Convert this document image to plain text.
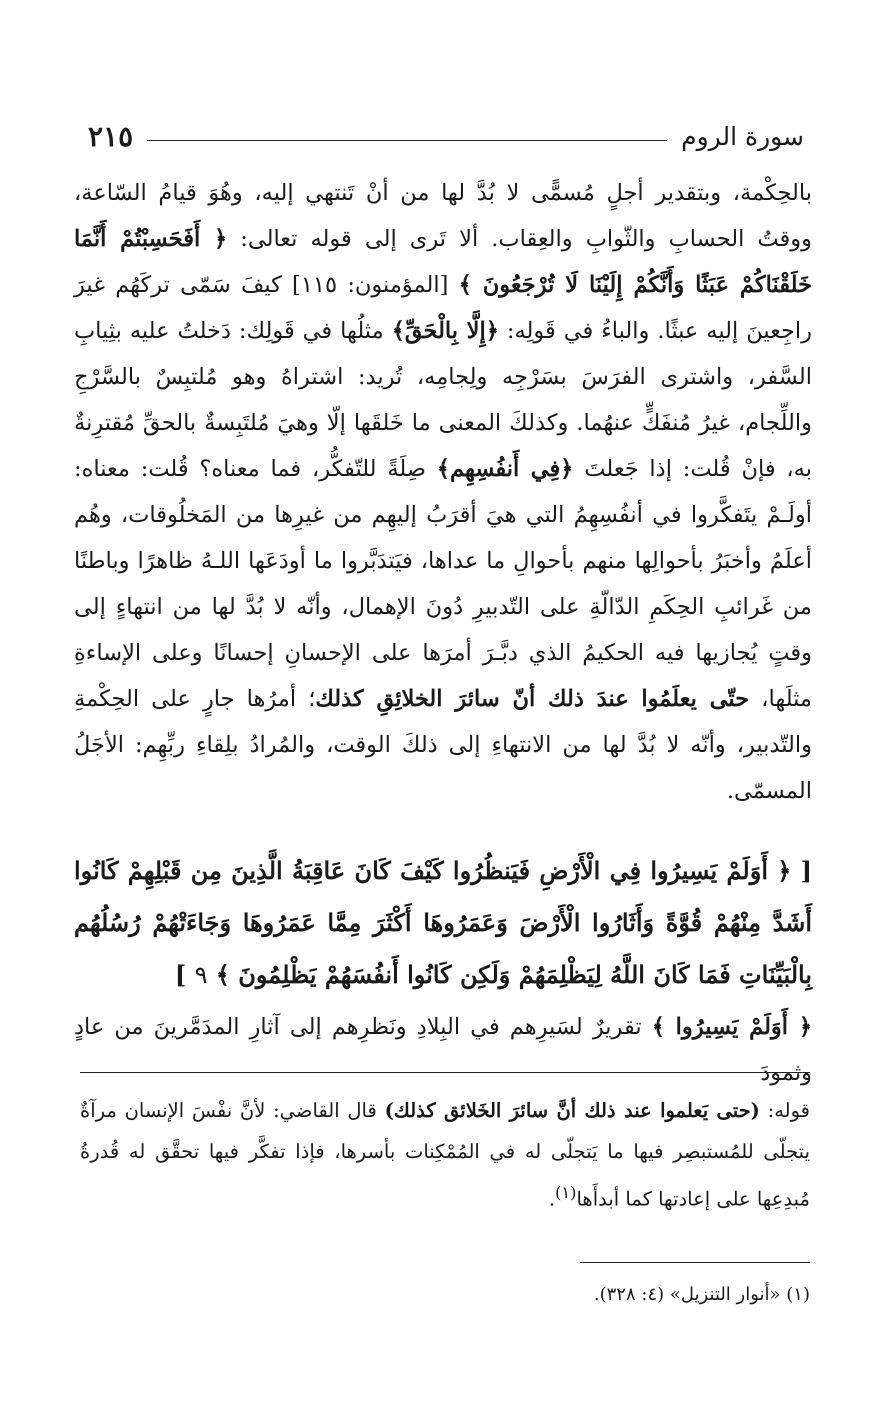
سورة الروم
٢١٥

بالحِكْمة، وبتقدير أجلٍ مُسمًّى لا بُدَّ لها من أنْ تَنتهي إليه، وهُوَ قيامُ السّاعة، ووقتُ الحسابِ والثّوابِ والعِقاب. ألا تَرى إلى قوله تعالى: ﴿ أَفَحَسِبْتُمْ أَنَّمَا خَلَقْنَاكُمْ عَبَثًا وَأَنَّكُمْ إِلَيْنَا لَا تُرْجَعُونَ ﴾ [المؤمنون: ١١٥] كيفَ سَمّى تركَهُم غيرَ راجِعينَ إليه عبثًا. والباءُ في قَولِه: ﴿إِلَّا بِالْحَقِّ﴾ مثلُها في قَولِك: دَخلتُ عليه بثِيابِ السَّفر، واشترى الفرَسَ بسَرْجِه ولِجامِه، تُريد: اشتراهُ وهو مُلتبِسٌ بالسَّرْجِ واللِّجام، غيرُ مُنفَكٍّ عنهُما. وكذلكَ المعنى ما خَلقَها إلّا وهيَ مُلتَبِسةٌ بالحقِّ مُقترِنةٌ به، فإنْ قُلت: إذا جَعلتَ ﴿فِي أَنفُسِهِم﴾ صِلَةً للتّفكُّر، فما معناه؟ قُلت: معناه: أولَـمْ يتَفكَّروا في أنفُسِهِمُ التي هيَ أقرَبُ إليهِم من غيرِها من المَخلُوقات، وهُم أعلَمُ وأخبَرُ بأحوالِها منهم بأحوالِ ما عداها، فيَتدَبَّروا ما أودَعَها اللـهُ ظاهرًا وباطنًا من غَرائبِ الحِكَمِ الدّالّةِ على التّدبيرِ دُونَ الإهمال، وأنّه لا بُدَّ لها من انتهاءٍ إلى وقتٍ يُجازيها فيه الحكيمُ الذي دبَّـرَ أمرَها على الإحسانِ إحسانًا وعلى الإساءةِ مثلَها، حتّى يعلَمُوا عندَ ذلك أنّ سائرَ الخلائِقِ كذلك؛ أمرُها جارٍ على الحِكْمةِ والتّدبير، وأنّه لا بُدَّ لها من الانتهاءِ إلى ذلكَ الوقت، والمُرادُ بلِقاءِ ربِّهِم: الأجَلُ المسمّى.

[ ﴿ أَوَلَمْ يَسِيرُوا فِي الْأَرْضِ فَيَنظُرُوا كَيْفَ كَانَ عَاقِبَةُ الَّذِينَ مِن قَبْلِهِمْ كَانُوا أَشَدَّ مِنْهُمْ قُوَّةً وَأَثَارُوا الْأَرْضَ وَعَمَرُوهَا أَكْثَرَ مِمَّا عَمَرُوهَا وَجَاءَتْهُمْ رُسُلُهُم بِالْبَيِّنَاتِ فَمَا كَانَ اللَّهُ لِيَظْلِمَهُمْ وَلَكِن كَانُوا أَنفُسَهُمْ يَظْلِمُونَ ﴾ ٩ ]

﴿ أَوَلَمْ يَسِيرُوا ﴾ تقريرٌ لسَيرِهم في البِلادِ ونَظرِهم إلى آثارِ المدَمَّرينَ من عادٍ وثمودَ

قوله: (حتى يَعلموا عند ذلك أنَّ سائرَ الخَلائق كذلك) قال القاضي: لأنَّ نفْسَ الإنسان مرآةٌ يتجلّى للمُستبصِر فيها ما يَتجلّى له في المُمْكِنات بأسرها، فإذا تفكَّر فيها تحقَّق له قُدرةُ مُبدِعِها على إعادتها كما أبدأَها$^{(١)}$.

(١) «أنوار التنزيل» (٤: ٣٢٨).
